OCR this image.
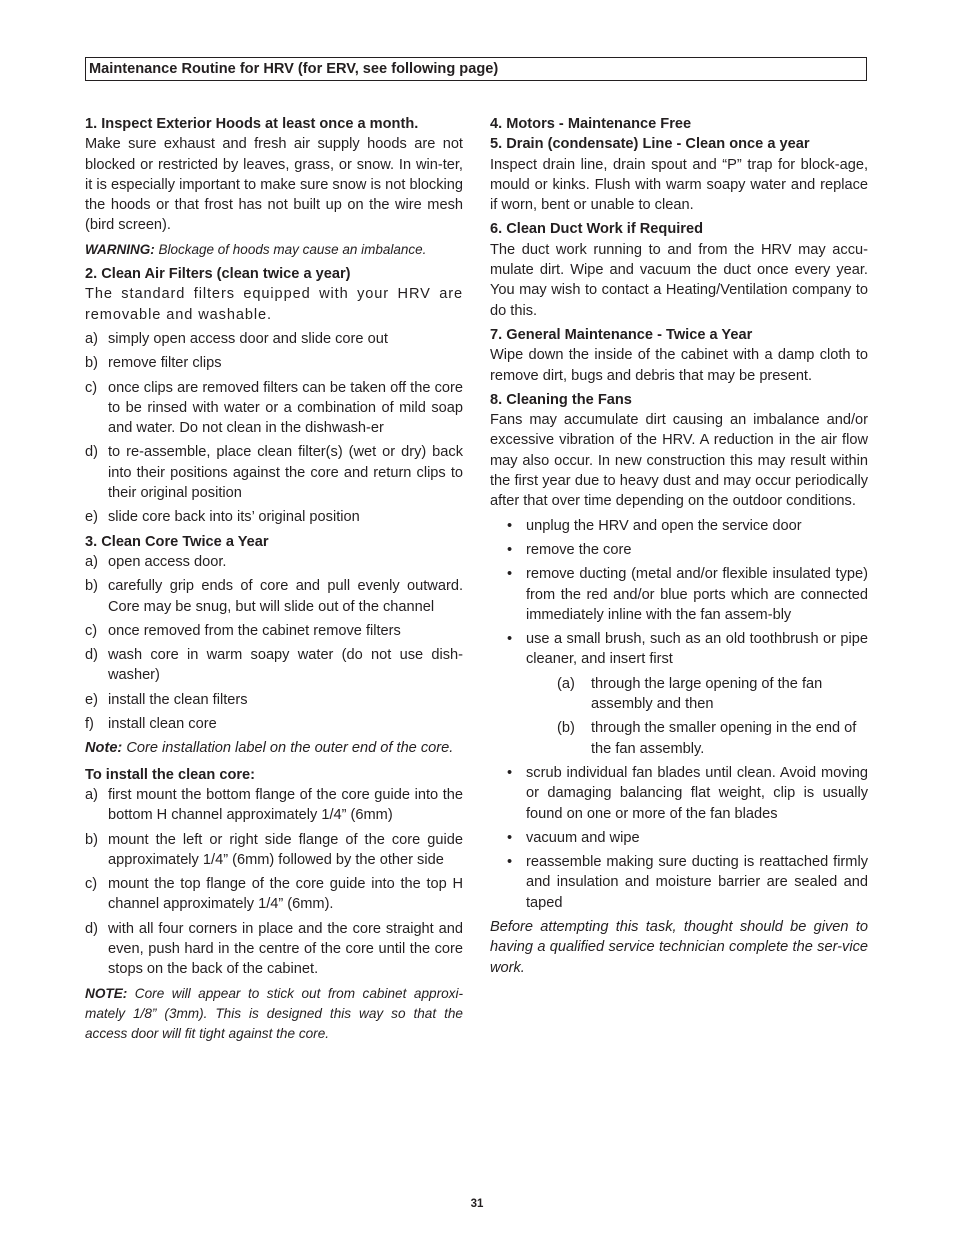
Maintenance Routine for HRV (for ERV, see following page)
1. Inspect Exterior Hoods at least once a month.

Make sure exhaust and fresh air supply hoods are not blocked or restricted by leaves, grass, or snow. In win-ter, it is especially important to make sure snow is not blocking the hoods or that frost has not built up on the wire mesh (bird screen).

WARNING: Blockage of hoods may cause an imbalance.
2. Clean Air Filters (clean twice a year)

The standard filters equipped with your HRV are removable and washable.

a) simply open access door and slide core out
b) remove filter clips
c) once clips are removed filters can be taken off the core to be rinsed with water or a combination of mild soap and water. Do not clean in the dishwash-er
d) to re-assemble, place clean filter(s) (wet or dry) back into their positions against the core and return clips to their original position
e) slide core back into its’ original position
3. Clean Core Twice a Year
a) open access door.
b) carefully grip ends of core and pull evenly outward. Core may be snug, but will slide out of the channel
c) once removed from the cabinet remove filters
d) wash core in warm soapy water (do not use dish-washer)
e) install the clean filters
f) install clean core
Note: Core installation label on the outer end of the core.
To install the clean core:
a) first mount the bottom flange of the core guide into the bottom H channel approximately 1/4” (6mm)
b) mount the left or right side flange of the core guide approximately 1/4” (6mm) followed by the other side
c) mount the top flange of the core guide into the top H channel approximately 1/4” (6mm).
d) with all four corners in place and the core straight and even, push hard in the centre of the core until the core stops on the back of the cabinet.
NOTE: Core will appear to stick out from cabinet approxi-mately 1/8” (3mm). This is designed this way so that the access door will fit tight against the core.
4. Motors - Maintenance Free
5. Drain (condensate) Line - Clean once a year

Inspect drain line, drain spout and “P” trap for block-age, mould or kinks. Flush with warm soapy water and replace if worn, bent or unable to clean.

6. Clean Duct Work if Required

The duct work running to and from the HRV may accu-mulate dirt. Wipe and vacuum the duct once every year. You may wish to contact a Heating/Ventilation company to do this.

7. General Maintenance - Twice a Year

Wipe down the inside of the cabinet with a damp cloth to remove dirt, bugs and debris that may be present.

8. Cleaning the Fans

Fans may accumulate dirt causing an imbalance and/or excessive vibration of the HRV. A reduction in the air flow may also occur. In new construction this may result within the first year due to heavy dust and may occur periodically after that over time depending on the outdoor conditions.

• unplug the HRV and open the service door
• remove the core
• remove ducting (metal and/or flexible insulated type) from the red and/or blue ports which are connected immediately inline with the fan assem-bly
• use a small brush, such as an old toothbrush or pipe cleaner, and insert first
(a) through the large opening of the fan assembly and then
(b) through the smaller opening in the end of the fan assembly.
• scrub individual fan blades until clean. Avoid moving or damaging balancing flat weight, clip is usually found on one or more of the fan blades
• vacuum and wipe
• reassemble making sure ducting is reattached firmly and insulation and moisture barrier are sealed and taped
Before attempting this task, thought should be given to having a qualified service technician complete the ser-vice work.
31
